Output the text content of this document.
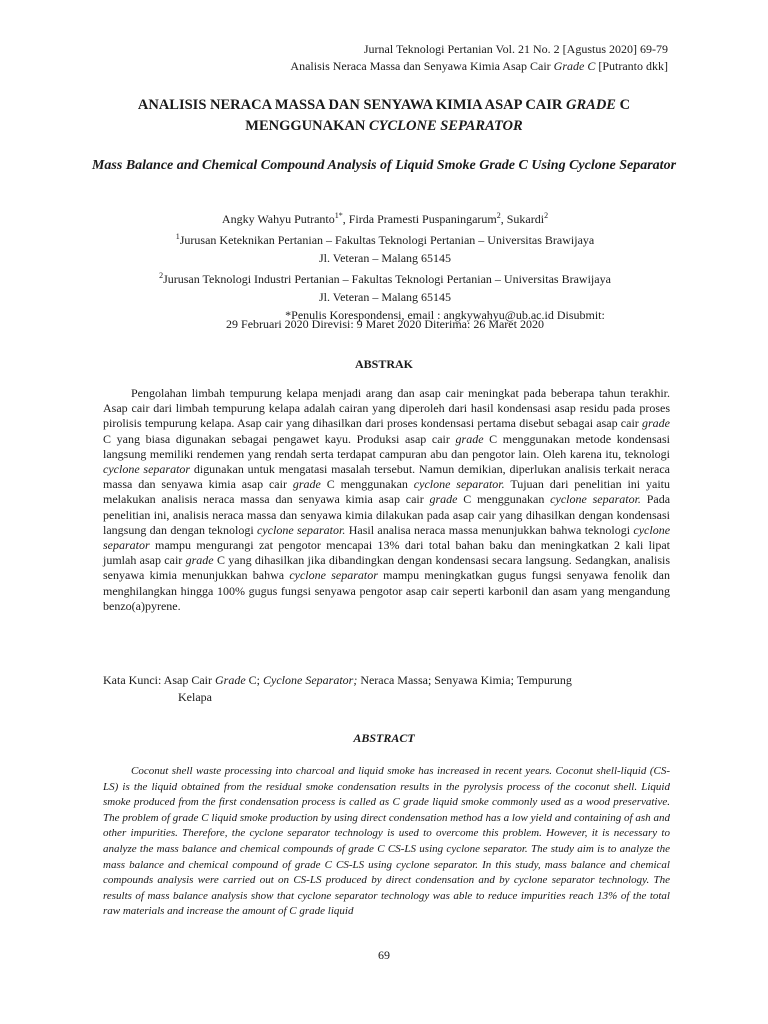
Jurnal Teknologi Pertanian Vol. 21 No. 2 [Agustus 2020] 69-79
Analisis Neraca Massa dan Senyawa Kimia Asap Cair Grade C [Putranto dkk]
ANALISIS NERACA MASSA DAN SENYAWA KIMIA ASAP CAIR GRADE C
MENGGUNAKAN CYCLONE SEPARATOR
Mass Balance and Chemical Compound Analysis of Liquid Smoke Grade C Using Cyclone Separator
Angky Wahyu Putranto$^{1*}$, Firda Pramesti Puspaningarum$^2$, Sukardi$^2$
$^1$Jurusan Keteknikan Pertanian – Fakultas Teknologi Pertanian – Universitas Brawijaya
Jl. Veteran – Malang 65145
$^2$Jurusan Teknologi Industri Pertanian – Fakultas Teknologi Pertanian – Universitas Brawijaya
Jl. Veteran – Malang 65145
*Penulis Korespondensi, email : angkywahyu@ub.ac.id Disubmit:
29 Februari 2020 Direvisi: 9 Maret 2020 Diterima: 26 Maret 2020
ABSTRAK
Pengolahan limbah tempurung kelapa menjadi arang dan asap cair meningkat pada beberapa tahun terakhir. Asap cair dari limbah tempurung kelapa adalah cairan yang diperoleh dari hasil kondensasi asap residu pada proses pirolisis tempurung kelapa. Asap cair yang dihasilkan dari proses kondensasi pertama disebut sebagai asap cair grade C yang biasa digunakan sebagai pengawet kayu. Produksi asap cair grade C menggunakan metode kondensasi langsung memiliki rendemen yang rendah serta terdapat campuran abu dan pengotor lain. Oleh karena itu, teknologi cyclone separator digunakan untuk mengatasi masalah tersebut. Namun demikian, diperlukan analisis terkait neraca massa dan senyawa kimia asap cair grade C menggunakan cyclone separator. Tujuan dari penelitian ini yaitu melakukan analisis neraca massa dan senyawa kimia asap cair grade C menggunakan cyclone separator. Pada penelitian ini, analisis neraca massa dan senyawa kimia dilakukan pada asap cair yang dihasilkan dengan kondensasi langsung dan dengan teknologi cyclone separator. Hasil analisa neraca massa menunjukkan bahwa teknologi cyclone separator mampu mengurangi zat pengotor mencapai 13% dari total bahan baku dan meningkatkan 2 kali lipat jumlah asap cair grade C yang dihasilkan jika dibandingkan dengan kondensasi secara langsung. Sedangkan, analisis senyawa kimia menunjukkan bahwa cyclone separator mampu meningkatkan gugus fungsi senyawa fenolik dan menghilangkan hingga 100% gugus fungsi senyawa pengotor asap cair seperti karbonil dan asam yang mengandung benzo(a)pyrene.
Kata Kunci: Asap Cair Grade C; Cyclone Separator; Neraca Massa; Senyawa Kimia; Tempurung
Kelapa
ABSTRACT
Coconut shell waste processing into charcoal and liquid smoke has increased in recent years. Coconut shell-liquid (CS-LS) is the liquid obtained from the residual smoke condensation results in the pyrolysis process of the coconut shell. Liquid smoke produced from the first condensation process is called as C grade liquid smoke commonly used as a wood preservative. The problem of grade C liquid smoke production by using direct condensation method has a low yield and containing of ash and other impurities. Therefore, the cyclone separator technology is used to overcome this problem. However, it is necessary to analyze the mass balance and chemical compounds of grade C CS-LS using cyclone separator. The study aim is to analyze the mass balance and chemical compound of grade C CS-LS using cyclone separator. In this study, mass balance and chemical compounds analysis were carried out on CS-LS produced by direct condensation and by cyclone separator technology. The results of mass balance analysis show that cyclone separator technology was able to reduce impurities reach 13% of the total raw materials and increase the amount of C grade liquid
69
